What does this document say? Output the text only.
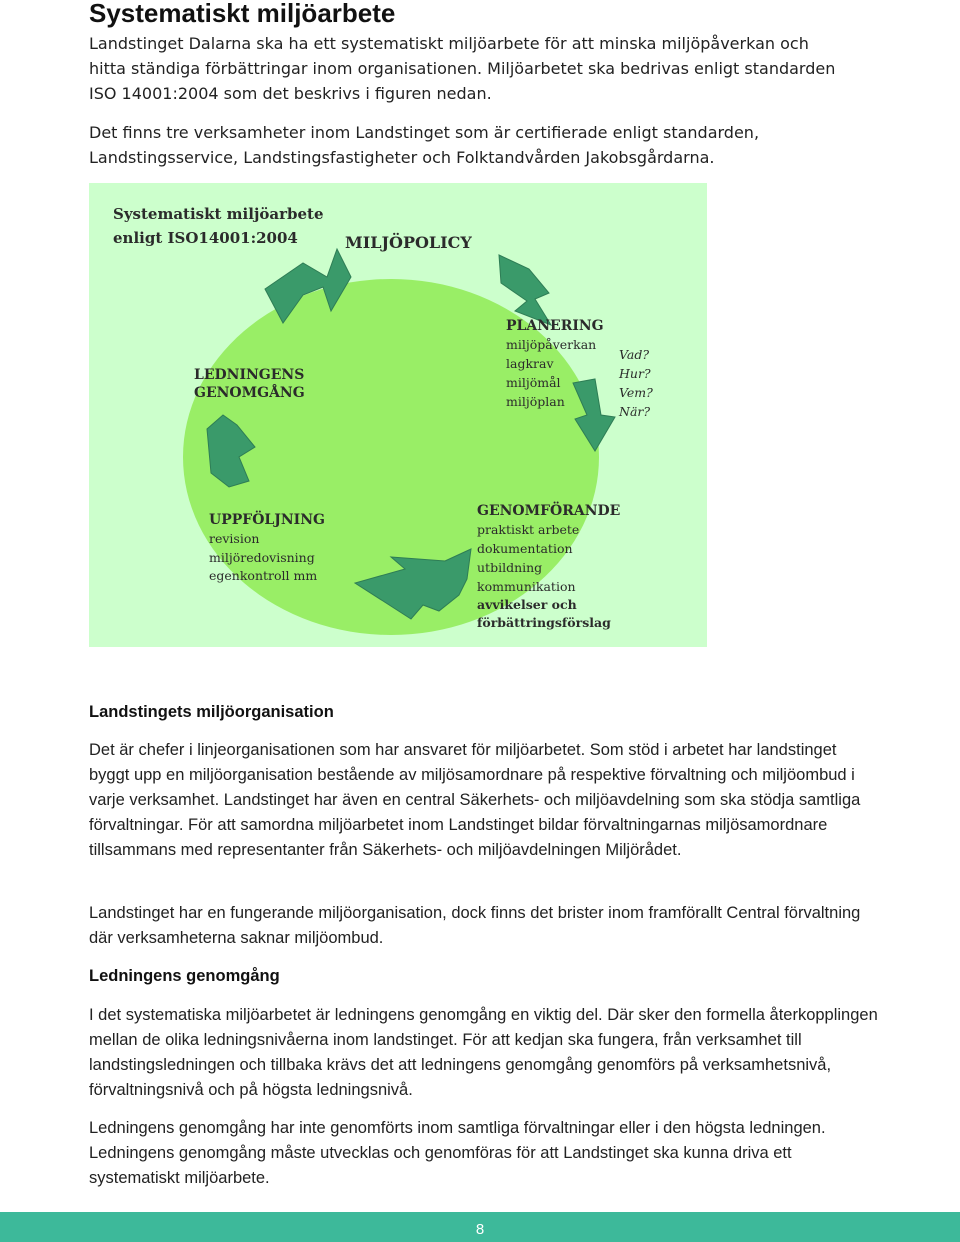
Systematiskt miljöarbete

Landstinget Dalarna ska ha ett systematiskt miljöarbete för att minska miljöpåverkan och hitta ständiga förbättringar inom organisationen. Miljöarbetet ska bedrivas enligt standarden ISO 14001:2004 som det beskrivs i figuren nedan.

Det finns tre verksamheter inom Landstinget som är certifierade enligt standarden, Landstingsservice, Landstingsfastigheter och Folktandvården Jakobsgårdarna.

Systematiskt miljöarbete
enligt ISO14001:2004	MILJÖPOLICY
PLANERING
miljöpåverkan
lagkrav
miljömål
miljöplan
Vad?
Hur?
Vem?
När?
GENOMFÖRANDE
praktiskt arbete
dokumentation
utbildning
kommunikation
avvikelser och
förbättringsförslag
UPPFÖLJNING
revision
miljöredovisning
egenkontroll mm
LEDNINGENS
GENOMGÅNG
Landstingets miljöorganisation

Det är chefer i linjeorganisationen som har ansvaret för miljöarbetet. Som stöd i arbetet har landstinget byggt upp en miljöorganisation bestående av miljösamordnare på respektive förvaltning och miljöombud i varje verksamhet. Landstinget har även en central Säkerhets- och miljöavdelning som ska stödja samtliga förvaltningar. För att samordna miljöarbetet inom Landstinget bildar förvaltningarnas miljösamordnare tillsammans med representanter från Säkerhets- och miljöavdelningen Miljörådet.

Landstinget har en fungerande miljöorganisation, dock finns det brister inom framförallt Central förvaltning där verksamheterna saknar miljöombud.

Ledningens genomgång

I det systematiska miljöarbetet är ledningens genomgång en viktig del. Där sker den formella återkopplingen mellan de olika ledningsnivåerna inom landstinget. För att kedjan ska fungera, från verksamhet till landstingsledningen och tillbaka krävs det att ledningens genomgång genomförs på verksamhetsnivå, förvaltningsnivå och på högsta ledningsnivå.

Ledningens genomgång har inte genomförts inom samtliga förvaltningar eller i den högsta ledningen. Ledningens genomgång måste utvecklas och genomföras för att Landstinget ska kunna driva ett systematiskt miljöarbete.

8
